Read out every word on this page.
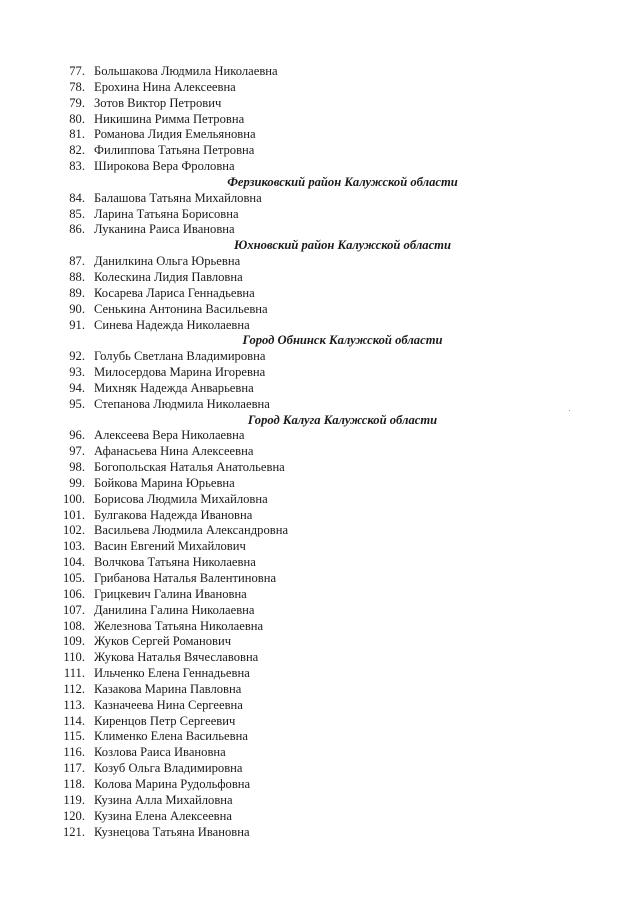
77. Большакова Людмила Николаевна
78. Ерохина Нина Алексеевна
79. Зотов Виктор Петрович
80. Никишина Римма Петровна
81. Романова Лидия Емельяновна
82. Филиппова Татьяна Петровна
83. Широкова Вера Фроловна
Ферзиковский район Калужской области
84. Балашова Татьяна Михайловна
85. Ларина Татьяна Борисовна
86. Луканина Раиса Ивановна
Юхновский район Калужской области
87. Данилкина Ольга Юрьевна
88. Колескина Лидия Павловна
89. Косарева Лариса Геннадьевна
90. Сенькина Антонина Васильевна
91. Синева Надежда Николаевна
Город Обнинск Калужской области
92. Голубь Светлана Владимировна
93. Милосердова Марина Игоревна
94. Михняк Надежда Анварьевна
95. Степанова Людмила Николаевна
Город Калуга Калужской области
96. Алексеева Вера Николаевна
97. Афанасьева Нина Алексеевна
98. Богопольская Наталья Анатольевна
99. Бойкова Марина Юрьевна
100. Борисова Людмила Михайловна
101. Булгакова Надежда Ивановна
102. Васильева Людмила Александровна
103. Васин Евгений Михайлович
104. Волчкова Татьяна Николаевна
105. Грибанова Наталья Валентиновна
106. Грицкевич Галина Ивановна
107. Данилина Галина Николаевна
108. Железнова Татьяна Николаевна
109. Жуков Сергей Романович
110. Жукова Наталья Вячеславовна
111. Ильченко Елена Геннадьевна
112. Казакова Марина Павловна
113. Казначеева Нина Сергеевна
114. Киренцов Петр Сергеевич
115. Клименко Елена Васильевна
116. Козлова Раиса Ивановна
117. Козуб Ольга Владимировна
118. Колова Марина Рудольфовна
119. Кузина Алла Михайловна
120. Кузина Елена Алексеевна
121. Кузнецова Татьяна Ивановна
